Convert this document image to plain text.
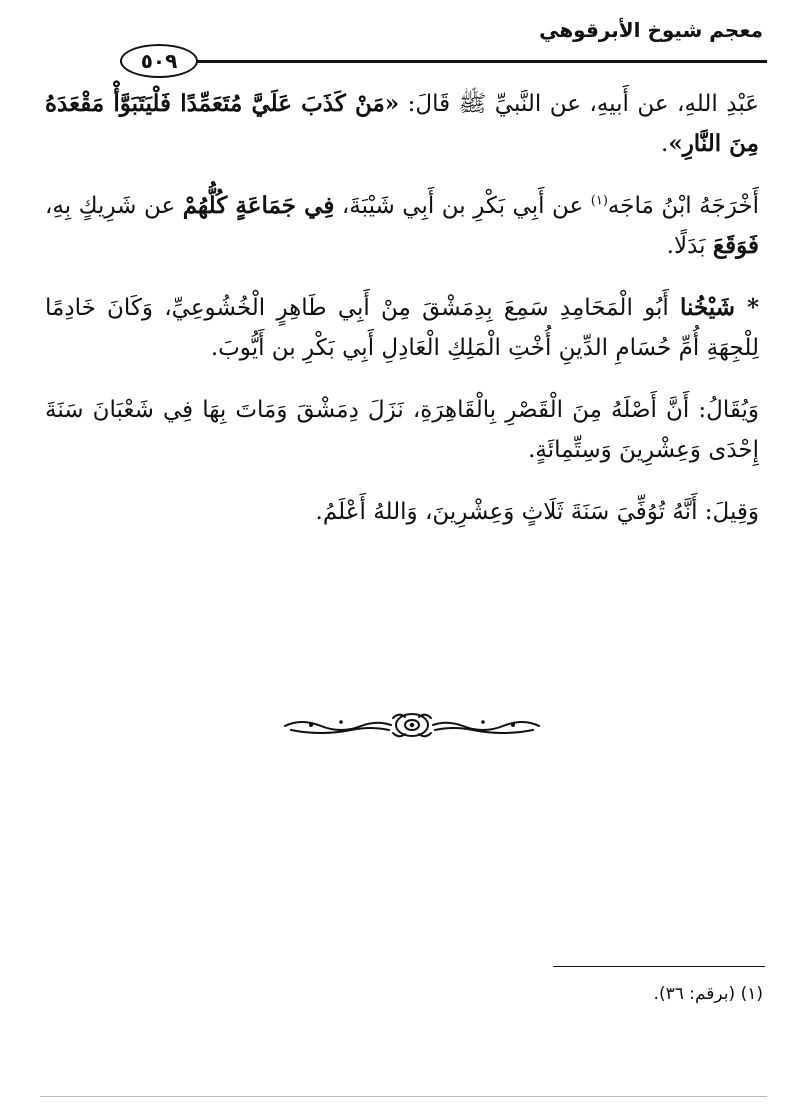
معجم شيوخ الأبرقوهي
٥٠٩

عَبْدِ اللهِ، عن أَبيهِ، عن النَّبيِّ ﷺ قَالَ: «مَنْ كَذَبَ عَلَيَّ مُتَعَمِّدًا فَلْيَتَبَوَّأْ مَقْعَدَهُ مِنَ النَّارِ».

أَخْرَجَهُ ابْنُ مَاجَه$^{(١)}$ عن أَبِي بَكْرِ بن أَبِي شَيْبَةَ، فِي جَمَاعَةٍ كُلُّهُمْ عن شَرِيكٍ بِهِ، فَوَقَعَ بَدَلًا.

* شَيْخُنا أَبُو الْمَحَامِدِ سَمِعَ بِدِمَشْقَ مِنْ أَبِي طَاهِرٍ الْخُشُوعِيِّ، وَكَانَ خَادِمًا لِلْجِهَةِ أُمِّ حُسَامِ الدِّينِ أُخْتِ الْمَلِكِ الْعَادِلِ أَبِي بَكْرِ بن أَيُّوبَ.

وَيُقَالُ: أَنَّ أَصْلَهُ مِنَ الْقَصْرِ بِالْقَاهِرَةِ، نَزَلَ دِمَشْقَ وَمَاتَ بِهَا فِي شَعْبَانَ سَنَةَ إِحْدَى وَعِشْرِينَ وَسِتِّمِائَةٍ.

وَقِيلَ: أَنَّهُ تُوُفِّيَ سَنَةَ ثَلَاثٍ وَعِشْرِينَ، وَاللهُ أَعْلَمُ.

(١) (برقم: ٣٦).
